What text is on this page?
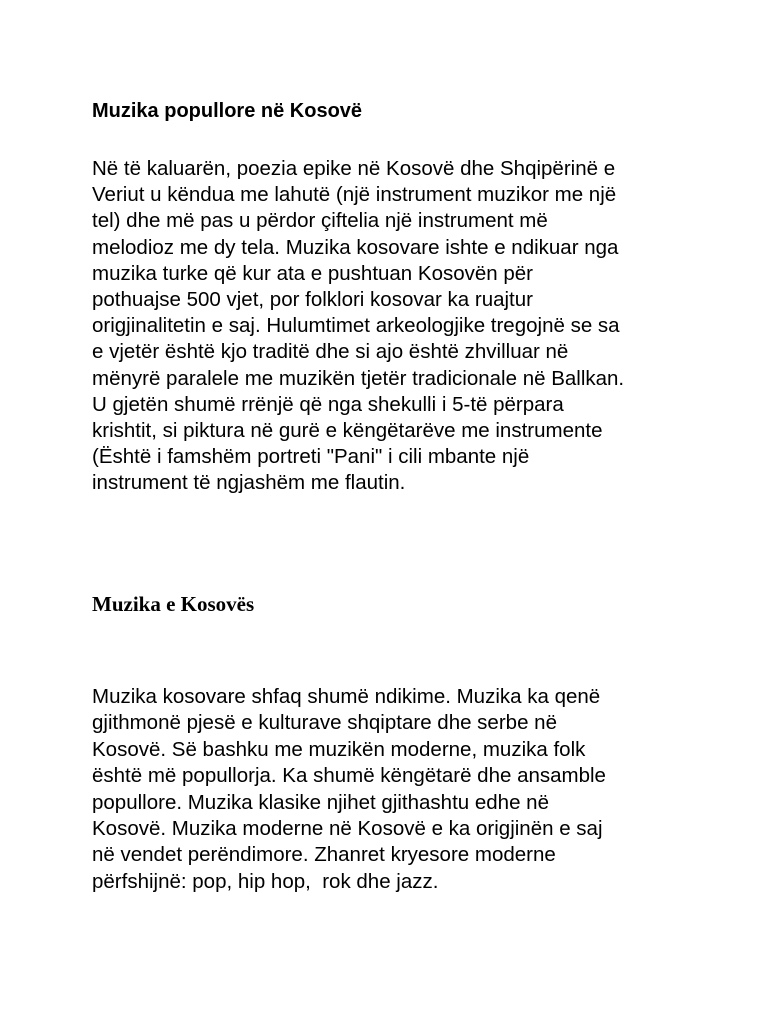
Muzika popullore në Kosovë
Në të kaluarën, poezia epike në Kosovë dhe Shqipërinë e
Veriut u këndua me lahutë (një instrument muzikor me një
tel) dhe më pas u përdor çiftelia një instrument më
melodioz me dy tela. Muzika kosovare ishte e ndikuar nga
muzika turke që kur ata e pushtuan Kosovën për
pothuajse 500 vjet, por folklori kosovar ka ruajtur
origjinalitetin e saj. Hulumtimet arkeologjike tregojnë se sa
e vjetër është kjo traditë dhe si ajo është zhvilluar në
mënyrë paralele me muzikën tjetër tradicionale në Ballkan.
U gjetën shumë rrënjë që nga shekulli i 5-të përpara
krishtit, si piktura në gurë e këngëtarëve me instrumente
(Është i famshëm portreti "Pani" i cili mbante një
instrument të ngjashëm me flautin.
Muzika e Kosovës
Muzika kosovare shfaq shumë ndikime. Muzika ka qenë
gjithmonë pjesë e kulturave shqiptare dhe serbe në
Kosovë. Së bashku me muzikën moderne, muzika folk
është më popullorja. Ka shumë këngëtarë dhe ansamble
popullore. Muzika klasike njihet gjithashtu edhe në
Kosovë. Muzika moderne në Kosovë e ka origjinën e saj
në vendet perëndimore. Zhanret kryesore moderne
përfshijnë: pop, hip hop,  rok dhe jazz.
